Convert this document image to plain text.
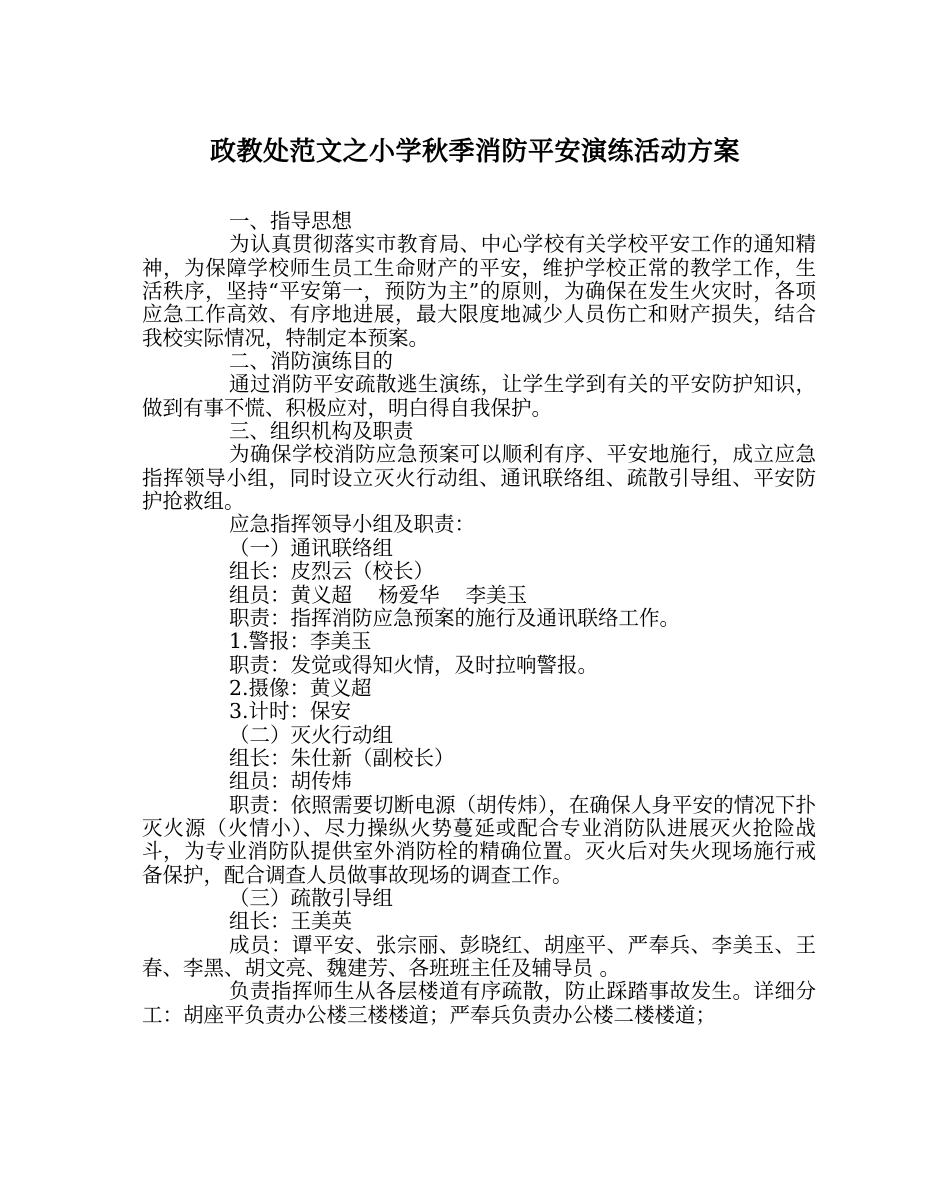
政教处范文之小学秋季消防平安演练活动方案

一、指导思想

为认真贯彻落实市教育局、中心学校有关学校平安工作的通知精神，为保障学校师生员工生命财产的平安，维护学校正常的教学工作，生活秩序，坚持“平安第一，预防为主”的原则，为确保在发生火灾时，各项应急工作高效、有序地进展，最大限度地减少人员伤亡和财产损失，结合我校实际情况，特制定本预案。

二、消防演练目的

通过消防平安疏散逃生演练，让学生学到有关的平安防护知识，做到有事不慌、积极应对，明白得自我保护。

三、组织机构及职责

为确保学校消防应急预案可以顺利有序、平安地施行，成立应急指挥领导小组，同时设立灭火行动组、通讯联络组、疏散引导组、平安防护抢救组。

应急指挥领导小组及职责：

（一）通讯联络组

组长：皮烈云（校长）

组员：黄义超    杨爱华    李美玉

职责：指挥消防应急预案的施行及通讯联络工作。

1.警报：李美玉

职责：发觉或得知火情，及时拉响警报。

2.摄像：黄义超

3.计时：保安

（二）灭火行动组

组长：朱仕新（副校长）

组员：胡传炜

职责：依照需要切断电源（胡传炜），在确保人身平安的情况下扑灭火源（火情小）、尽力操纵火势蔓延或配合专业消防队进展灭火抢险战斗，为专业消防队提供室外消防栓的精确位置。灭火后对失火现场施行戒备保护，配合调查人员做事故现场的调查工作。

（三）疏散引导组

组长：王美英

成员：谭平安、张宗丽、彭晓红、胡座平、严奉兵、李美玉、王春、李黑、胡文亮、魏建芳、各班班主任及辅导员 。

负责指挥师生从各层楼道有序疏散，防止踩踏事故发生。详细分工：胡座平负责办公楼三楼楼道；严奉兵负责办公楼二楼楼道；
